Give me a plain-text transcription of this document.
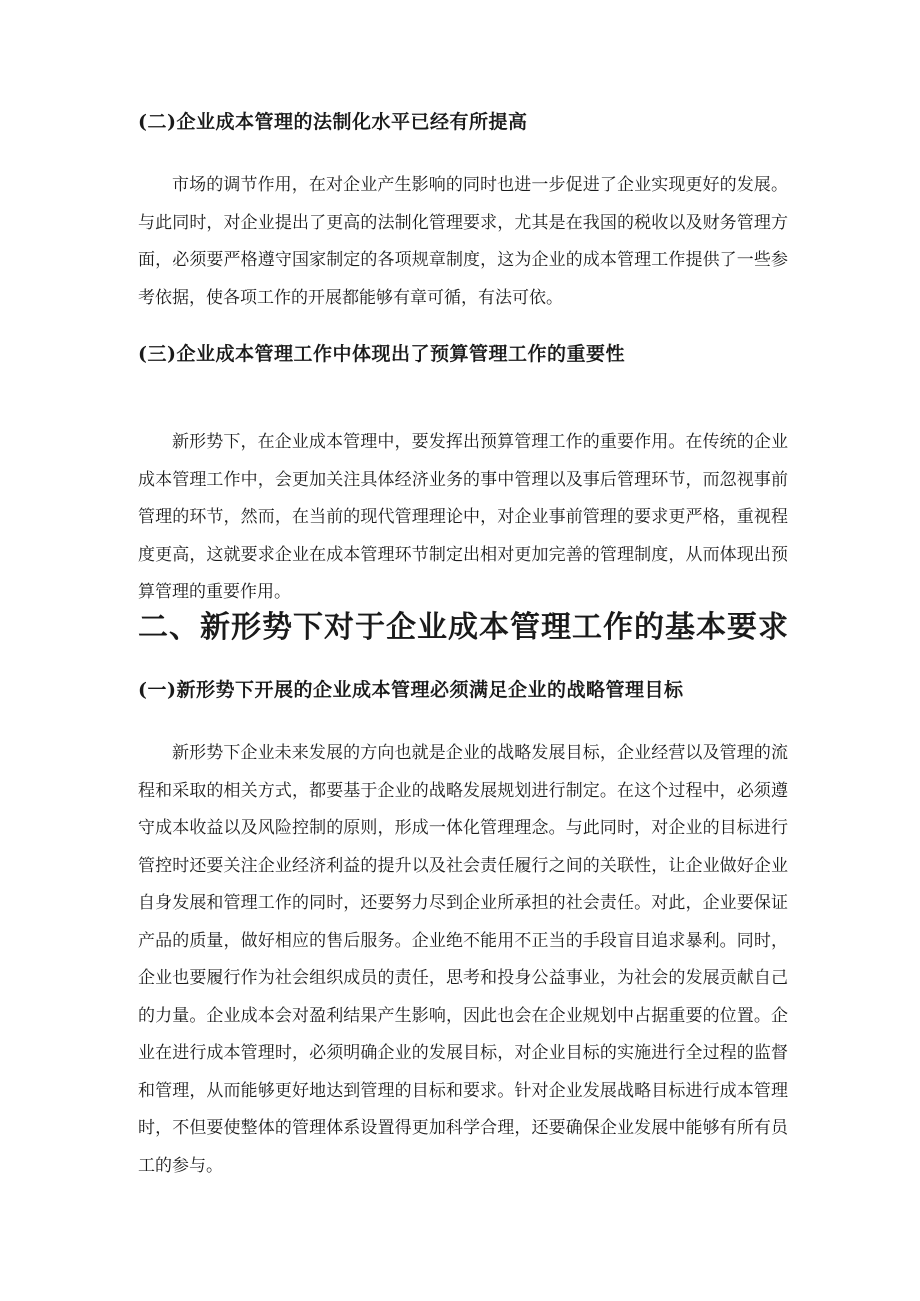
(二)企业成本管理的法制化水平已经有所提高

市场的调节作用，在对企业产生影响的同时也进一步促进了企业实现更好的发展。与此同时，对企业提出了更高的法制化管理要求，尤其是在我国的税收以及财务管理方面，必须要严格遵守国家制定的各项规章制度，这为企业的成本管理工作提供了一些参考依据，使各项工作的开展都能够有章可循，有法可依。

(三)企业成本管理工作中体现出了预算管理工作的重要性

新形势下，在企业成本管理中，要发挥出预算管理工作的重要作用。在传统的企业成本管理工作中，会更加关注具体经济业务的事中管理以及事后管理环节，而忽视事前管理的环节，然而，在当前的现代管理理论中，对企业事前管理的要求更严格，重视程度更高，这就要求企业在成本管理环节制定出相对更加完善的管理制度，从而体现出预算管理的重要作用。

二、新形势下对于企业成本管理工作的基本要求
(一)新形势下开展的企业成本管理必须满足企业的战略管理目标

新形势下企业未来发展的方向也就是企业的战略发展目标，企业经营以及管理的流程和采取的相关方式，都要基于企业的战略发展规划进行制定。在这个过程中，必须遵守成本收益以及风险控制的原则，形成一体化管理理念。与此同时，对企业的目标进行管控时还要关注企业经济利益的提升以及社会责任履行之间的关联性，让企业做好企业自身发展和管理工作的同时，还要努力尽到企业所承担的社会责任。对此，企业要保证产品的质量，做好相应的售后服务。企业绝不能用不正当的手段盲目追求暴利。同时，企业也要履行作为社会组织成员的责任，思考和投身公益事业，为社会的发展贡献自己的力量。企业成本会对盈利结果产生影响，因此也会在企业规划中占据重要的位置。企业在进行成本管理时，必须明确企业的发展目标，对企业目标的实施进行全过程的监督和管理，从而能够更好地达到管理的目标和要求。针对企业发展战略目标进行成本管理时，不但要使整体的管理体系设置得更加科学合理，还要确保企业发展中能够有所有员工的参与。
